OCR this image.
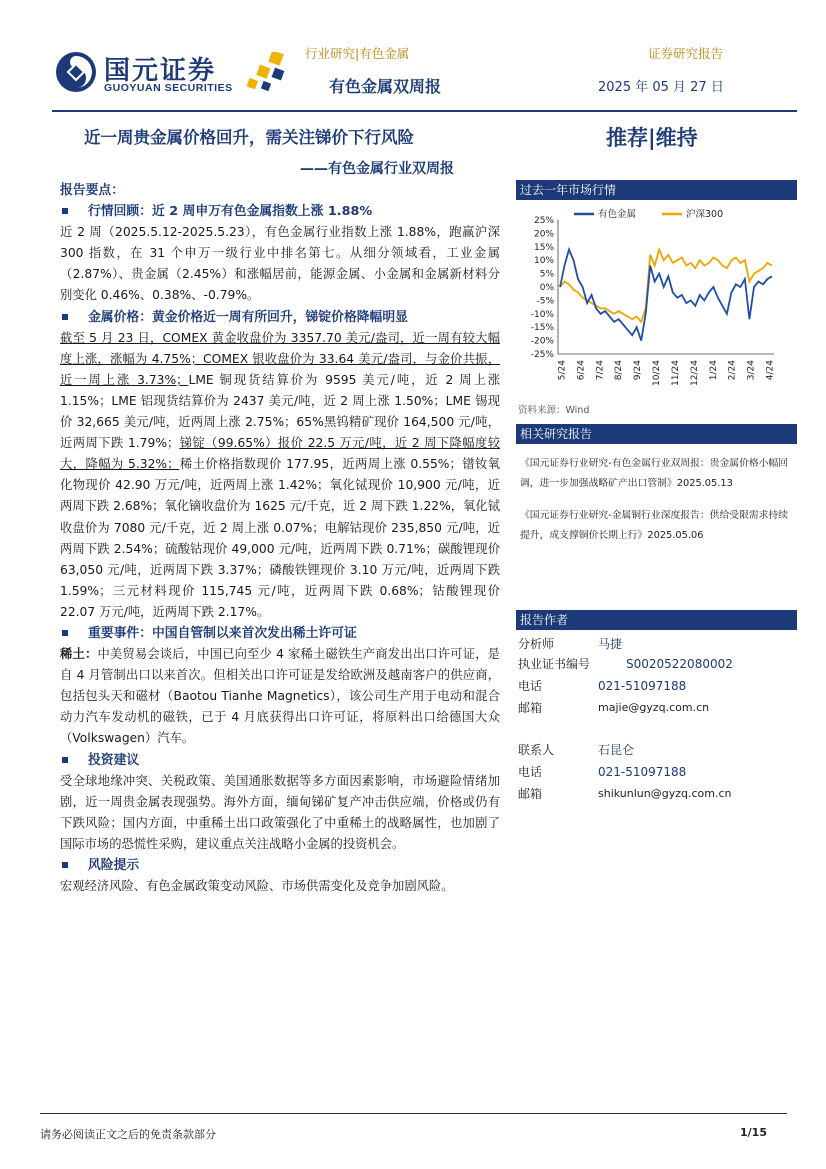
国元证券
GUOYUAN SECURITIES
行业研究|有色金属	证券研究报告
有色金属双周报	2025 年 05 月 27 日
近一周贵金属价格回升，需关注锑价下行风险
——有色金属行业双周报
推荐|维持
报告要点：
行情回顾：近 2 周申万有色金属指数上涨 1.88%
近 2 周（2025.5.12-2025.5.23），有色金属行业指数上涨 1.88%，跑赢沪深 300 指数，在 31 个申万一级行业中排名第七。从细分领域看，工业金属（2.87%）、贵金属（2.45%）和涨幅居前，能源金属、小金属和金属新材料分别变化 0.46%、0.38%、-0.79%。
金属价格：黄金价格近一周有所回升，锑锭价格降幅明显
截至 5 月 23 日，COMEX 黄金收盘价为 3357.70 美元/盎司，近一周有较大幅度上涨，涨幅为 4.75%；COMEX 银收盘价为 33.64 美元/盎司，与金价共振，近一周上涨 3.73%；LME 铜现货结算价为 9595 美元/吨，近 2 周上涨 1.15%；LME 铝现货结算价为 2437 美元/吨，近 2 周上涨 1.50%；LME 锡现价 32,665 美元/吨，近两周上涨 2.75%；65%黑钨精矿现价 164,500 元/吨，近两周下跌 1.79%；锑锭（99.65%）报价 22.5 万元/吨，近 2 周下降幅度较大，降幅为 5.32%；稀土价格指数现价 177.95，近两周上涨 0.55%；镨钕氧化物现价 42.90 万元/吨，近两周上涨 1.42%；氧化铽现价 10,900 元/吨，近两周下跌 2.68%；氧化镝收盘价为 1625 元/千克，近 2 周下跌 1.22%，氧化铽收盘价为 7080 元/千克，近 2 周上涨 0.07%；电解钴现价 235,850 元/吨，近两周下跌 2.54%；硫酸钴现价 49,000 元/吨，近两周下跌 0.71%；碳酸锂现价 63,050 元/吨，近两周下跌 3.37%；磷酸铁锂现价 3.10 万元/吨，近两周下跌 1.59%；三元材料现价 115,745 元/吨，近两周下跌 0.68%；钴酸锂现价 22.07 万元/吨，近两周下跌 2.17%。
重要事件：中国自管制以来首次发出稀土许可证
稀土：中美贸易会谈后，中国已向至少 4 家稀土磁铁生产商发出出口许可证，是自 4 月管制出口以来首次。但相关出口许可证是发给欧洲及越南客户的供应商，包括包头天和磁材（Baotou Tianhe Magnetics），该公司生产用于电动和混合动力汽车发动机的磁铁，已于 4 月底获得出口许可证，将原料出口给德国大众（Volkswagen）汽车。
投资建议
受全球地缘冲突、关税政策、美国通胀数据等多方面因素影响，市场避险情绪加剧，近一周贵金属表现强势。海外方面，缅甸锑矿复产冲击供应端，价格或仍有下跌风险；国内方面，中重稀土出口政策强化了中重稀土的战略属性，也加剧了国际市场的恐慌性采购，建议重点关注战略小金属的投资机会。
风险提示
宏观经济风险、有色金属政策变动风险、市场供需变化及竞争加剧风险。
过去一年市场行情
25%
20%
15%
10%
5%
0%
-5%
-10%
-15%
-20%
-25%
5/24 6/24 7/24 8/24 9/24 10/24 11/24 12/24 1/24 2/24 3/24 4/24
有色金属	沪深300
资料来源：Wind
相关研究报告
《国元证券行业研究-有色金属行业双周报：贵金属价格小幅回调，进一步加强战略矿产出口管制》2025.05.13
《国元证券行业研究-金属铜行业深度报告：供给受限需求持续提升，成支撑铜价长期上行》2025.05.06
报告作者
分析师	马捷
执业证书编号	S0020522080002
电话	021-51097188
邮箱	majie@gyzq.com.cn
联系人	石昆仑
电话	021-51097188
邮箱	shikunlun@gyzq.com.cn
请务必阅读正文之后的免责条款部分	1/15
